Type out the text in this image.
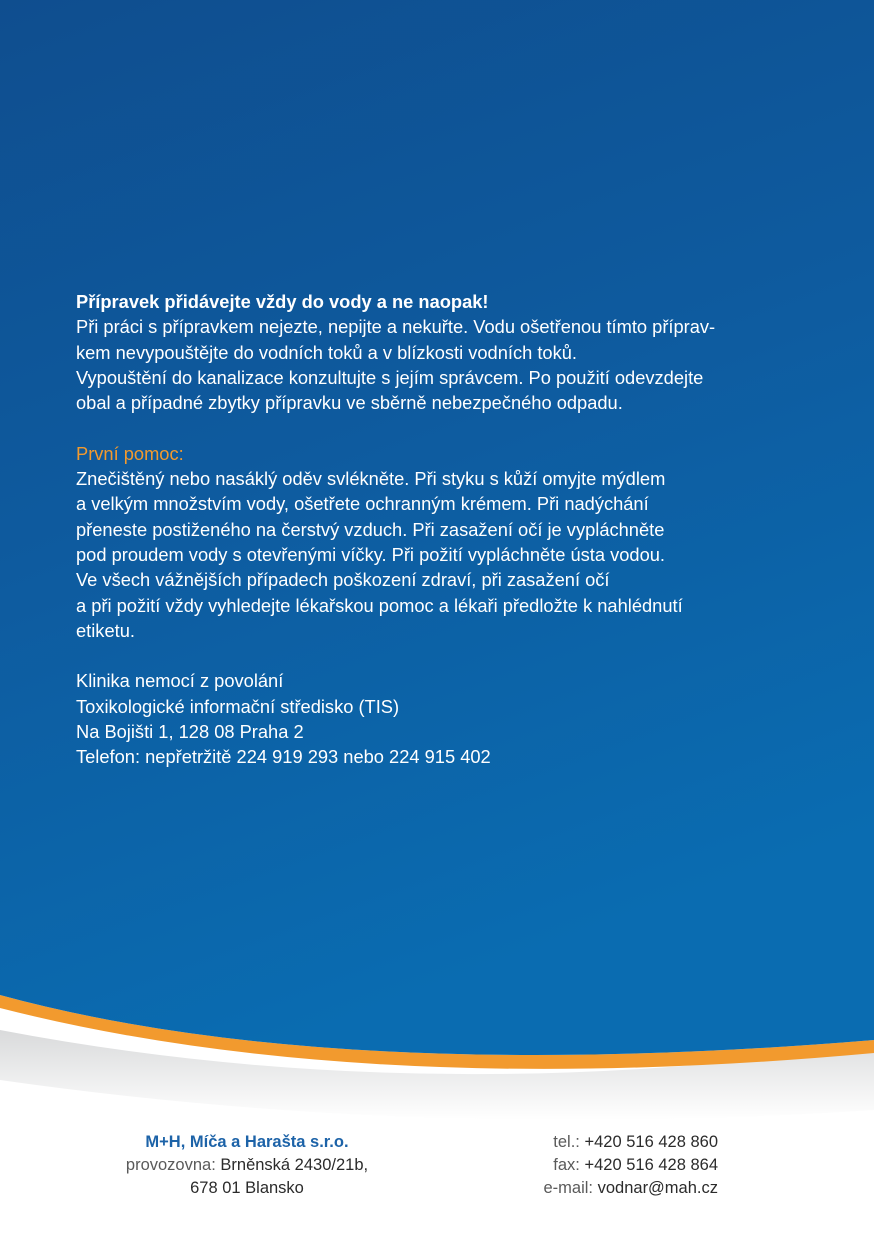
Přípravek přidávejte vždy do vody a ne naopak!
Při práci s přípravkem nejezte, nepijte a nekuřte. Vodu ošetřenou tímto příprav-
kem nevypouštějte do vodních toků a v blízkosti vodních toků.
Vypouštění do kanalizace konzultujte s jejím správcem. Po použití odevzdejte
obal a případné zbytky přípravku ve sběrně nebezpečného odpadu.
První pomoc:
Znečištěný nebo nasáklý oděv svlékněte. Při styku s kůží omyjte mýdlem
a velkým množstvím vody, ošetřete ochranným krémem. Při nadýchání
přeneste postiženého na čerstvý vzduch. Při zasažení očí je vypláchněte
pod proudem vody s otevřenými víčky. Při požití vypláchněte ústa vodou.
Ve všech vážnějších případech poškození zdraví, při zasažení očí
a při požití vždy vyhledejte lékařskou pomoc a lékaři předložte k nahlédnutí
etiketu.
Klinika nemocí z povolání
Toxikologické informační středisko (TIS)
Na Bojišti 1, 128 08 Praha 2
Telefon: nepřetržitě 224 919 293 nebo 224 915 402
M+H, Míča a Harašta s.r.o.
provozovna: Brněnská 2430/21b,
678 01 Blansko
tel.: +420 516 428 860
fax: +420 516 428 864
e-mail: vodnar@mah.cz
